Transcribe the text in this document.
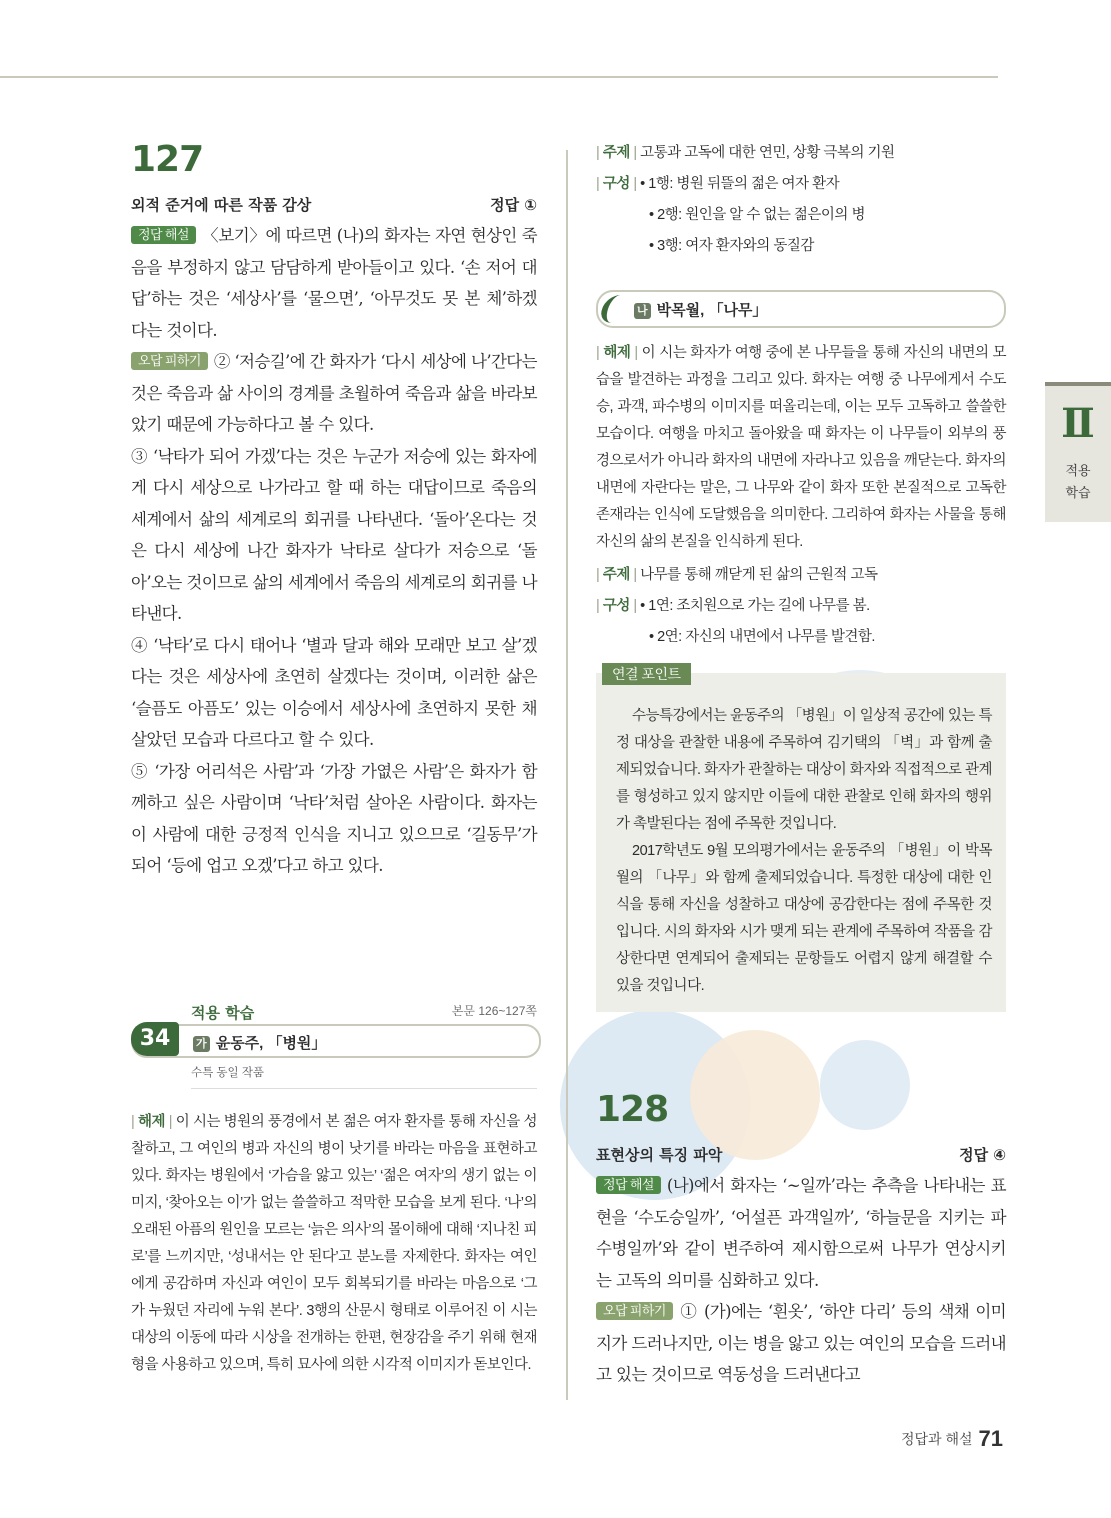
Ⅱ
적용
학습
127
외적 준거에 따른 작품 감상	정답 ①

정답 해설 〈보기〉에 따르면 (나)의 화자는 자연 현상인 죽음을 부정하지 않고 담담하게 받아들이고 있다. ‘손 저어 대답’하는 것은 ‘세상사’를 ‘물으면’, ‘아무것도 못 본 체’하겠다는 것이다.

오답 피하기 ② ‘저승길’에 간 화자가 ‘다시 세상에 나’간다는 것은 죽음과 삶 사이의 경계를 초월하여 죽음과 삶을 바라보았기 때문에 가능하다고 볼 수 있다.

③ ‘낙타가 되어 가겠’다는 것은 누군가 저승에 있는 화자에게 다시 세상으로 나가라고 할 때 하는 대답이므로 죽음의 세계에서 삶의 세계로의 회귀를 나타낸다. ‘돌아’온다는 것은 다시 세상에 나간 화자가 낙타로 살다가 저승으로 ‘돌아’오는 것이므로 삶의 세계에서 죽음의 세계로의 회귀를 나타낸다.

④ ‘낙타’로 다시 태어나 ‘별과 달과 해와 모래만 보고 살’겠다는 것은 세상사에 초연히 살겠다는 것이며, 이러한 삶은 ‘슬픔도 아픔도’ 있는 이승에서 세상사에 초연하지 못한 채 살았던 모습과 다르다고 할 수 있다.

⑤ ‘가장 어리석은 사람’과 ‘가장 가엾은 사람’은 화자가 함께하고 싶은 사람이며 ‘낙타’처럼 살아온 사람이다. 화자는 이 사람에 대한 긍정적 인식을 지니고 있으므로 ‘길동무’가 되어 ‘등에 업고 오겠’다고 하고 있다.

적용 학습	본문 126~127쪽
34	가 윤동주, 「병원」
수특 동일 작품
| 해제 | 이 시는 병원의 풍경에서 본 젊은 여자 환자를 통해 자신을 성찰하고, 그 여인의 병과 자신의 병이 낫기를 바라는 마음을 표현하고 있다. 화자는 병원에서 ‘가슴을 앓고 있는’ ‘젊은 여자’의 생기 없는 이미지, ‘찾아오는 이’가 없는 쓸쓸하고 적막한 모습을 보게 된다. ‘나’의 오래된 아픔의 원인을 모르는 ‘늙은 의사’의 몰이해에 대해 ‘지나친 피로’를 느끼지만, ‘성내서는 안 된다’고 분노를 자제한다. 화자는 여인에게 공감하며 자신과 여인이 모두 회복되기를 바라는 마음으로 ‘그가 누웠던 자리에 누워 본다’. 3행의 산문시 형태로 이루어진 이 시는 대상의 이동에 따라 시상을 전개하는 한편, 현장감을 주기 위해 현재형을 사용하고 있으며, 특히 묘사에 의한 시각적 이미지가 돋보인다.
| 주제 | 고통과 고독에 대한 연민, 상황 극복의 기원
| 구성 | • 1행: 병원 뒤뜰의 젊은 여자 환자
• 2행: 원인을 알 수 없는 젊은이의 병
• 3행: 여자 환자와의 동질감
나 박목월, 「나무」
| 해제 | 이 시는 화자가 여행 중에 본 나무들을 통해 자신의 내면의 모습을 발견하는 과정을 그리고 있다. 화자는 여행 중 나무에게서 수도승, 과객, 파수병의 이미지를 떠올리는데, 이는 모두 고독하고 쓸쓸한 모습이다. 여행을 마치고 돌아왔을 때 화자는 이 나무들이 외부의 풍경으로서가 아니라 화자의 내면에 자라나고 있음을 깨닫는다. 화자의 내면에 자란다는 말은, 그 나무와 같이 화자 또한 본질적으로 고독한 존재라는 인식에 도달했음을 의미한다. 그리하여 화자는 사물을 통해 자신의 삶의 본질을 인식하게 된다.
| 주제 | 나무를 통해 깨닫게 된 삶의 근원적 고독
| 구성 | • 1연: 조치원으로 가는 길에 나무를 봄.
• 2연: 자신의 내면에서 나무를 발견함.
연결 포인트

수능특강에서는 윤동주의 「병원」이 일상적 공간에 있는 특정 대상을 관찰한 내용에 주목하여 김기택의 「벽」과 함께 출제되었습니다. 화자가 관찰하는 대상이 화자와 직접적으로 관계를 형성하고 있지 않지만 이들에 대한 관찰로 인해 화자의 행위가 촉발된다는 점에 주목한 것입니다.

2017학년도 9월 모의평가에서는 윤동주의 「병원」이 박목월의 「나무」와 함께 출제되었습니다. 특정한 대상에 대한 인식을 통해 자신을 성찰하고 대상에 공감한다는 점에 주목한 것입니다. 시의 화자와 시가 맺게 되는 관계에 주목하여 작품을 감상한다면 연계되어 출제되는 문항들도 어렵지 않게 해결할 수 있을 것입니다.

128
표현상의 특징 파악	정답 ④

정답 해설 (나)에서 화자는 ‘~일까’라는 추측을 나타내는 표현을 ‘수도승일까’, ‘어설픈 과객일까’, ‘하늘문을 지키는 파수병일까’와 같이 변주하여 제시함으로써 나무가 연상시키는 고독의 의미를 심화하고 있다.

오답 피하기 ① (가)에는 ‘흰옷’, ‘하얀 다리’ 등의 색채 이미지가 드러나지만, 이는 병을 앓고 있는 여인의 모습을 드러내고 있는 것이므로 역동성을 드러낸다고

정답과 해설 71
